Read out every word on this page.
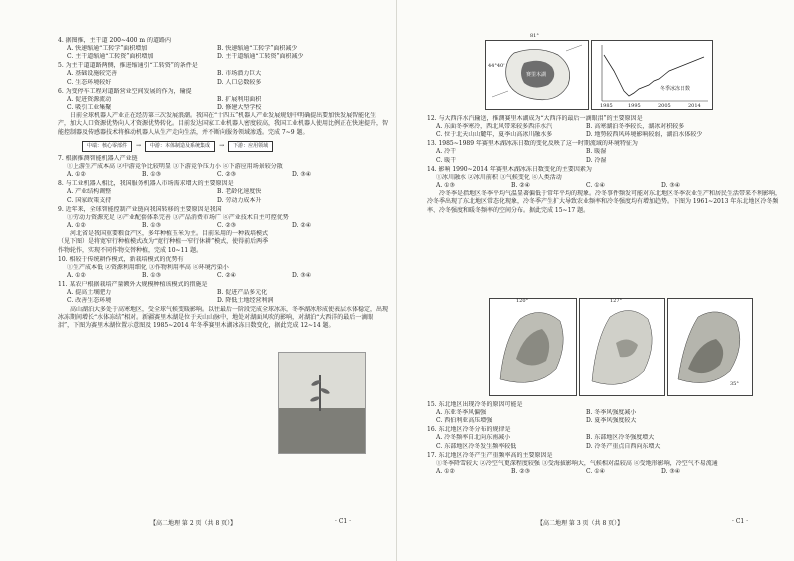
4. 据图推，主干道 200~400 m 的道路内

A. 快递缩通“工转学”面积增加	B. 快递缩通“工转学”面积减少

C. 主干道缩通“工转资”面积增加	D. 主干道缩通“工转资”面积减少

5. 为主干道道路两侧，推进缩通引“工转资”的条件是

A. 基础设施较完善	B. 市场潜力巨大

C. 生态环境较好	D. 人口总数较多

6. 为变停车工程对道路营业空间发展的作为，输提

A. 促进资源流动	B. 扩展利用面积

C. 吸引工业集聚	D. 修建大型学校

日前全球机器人产业正在经历第三次发展浪潮。我国在“十四五”机器人产业发展规划中明确提出要加快发展智能化生产，加大人口资源优势向人才资源优势转化。目前发达国家工业机器人密度较高，我国工业机器人使用比例正在快速提升，智能控制器及传感器技术将推动机器人从生产走向生活，并不断向服务领域渗透。完成 7~9 题。

中端：核心零部件	→	中游：本体制造及系统集成	→	下游：应用领域

7. 根据推测智能机器人产业链

①上游生产成本高 ②中游竞争比较明显 ③下游竞争压力小 ④下游应用场景较分散

A. ①②	B. ①③	C. ②③	D. ③④

8. 与工业机器人相比，我国服务机器人市场需求增大的主要原因是

A. 产业结构调整	B. 老龄化速度快

C. 国家政策支持	D. 劳动力成本升

9. 近年来，全球智能控制产业链向我国转移的主要原因是我国

①劳动力资源充足 ②产业配套体系完善 ③产品消费市场广 ④产业技术自主可控优势

A. ①②	B. ①③	C. ②③	D. ②④

河北省是我国重要粮食产区，多年种植玉米为主。目前采用的一种栽培模式（见下图）是将宽窄行种植模式改为“宽行种植一窄行休耕”模式，使得前后两季作物轮作，实现不同作物交替种植，完成 10~11 题。

10. 相较于传统耕作模式，新栽培模式的优势有

①生产成本低 ②资源利用细化 ③作物利用率高 ④环境污染小

A. ①②	B. ①③	C. ②④	D. ③④

11. 某农户根据栽培产量额外大规模种植该模式的措施是

A. 提高土壤肥力	B. 促进产品多元化

C. 改善生态环境	D. 降低土地经营利润

高山湖泊大多处于高寒地区，受全球气候变暖影响。以往最后一阶段完成全球冰冻，冬季湖冰形成使表层水体稳定，出现冰冻期间增长“水体冻结”相对。新疆赛里木湖是位于天山山脉中，地处对湖面风吹的影响，对湖泊“大西洋的最后一滴眼泪”，下图为赛里木湖位置示意图及 1985~2014 年冬季赛里木湖冰冻日数变化，据此完成 12~14 题。

【高二地理 第 2 页（共 8 页）】	· C1 ·
44°40'
81°
赛里木湖
1985	1995	2005	2014
冬季冰冻日数

12. 与大西洋水汽输送，推测赛里木湖成为“大西洋的最后一滴眼泪”的主要原因是

A. 东面冬季寒冷，西北风带来较多西洋水汽	B. 高寒湖泊冬季较长，湖冰对积较多

C. 位于北天山山麓年，夏季山高冰川融水多	D. 地势较西风环境影响较弱，湖泊水体较少

13. 1985~1989 年赛里木湖冰冻日数的变化反映了这一时期流域的环境特征为

A. 冷干	B. 暖湿

C. 暖干	D. 冷湿

14. 影响 1990~2014 年赛里木湖冰冻日数变化的主要因素为

①冰川融水 ②冰川前积 ③气候变化 ④人类活动

A. ①③	B. ②④	C. ①④	D. ③④

冷冬季是指地区冬季平均气温显著偏低于常年平均的现象。冷冬事件频发可能对东北地区冬季农业生产和居民生活带来不利影响，冷冬季出现了东北地区常态化现象，冷冬季产生扩大导致农业频率和冷冬强度均有增加趋势。下图为 1961~2013 年东北地区冷冬频率、冷冬强度和暖冬频率的空间分布。据此完成 15~17 题。

120°	127°
35°

15. 东北地区出现冷冬的原因可能是

A. 东亚冬季风偏强	B. 冬季风强度减小

C. 西伯利亚高压增强	D. 夏季风强度较大

16. 东北地区冷冬分布的规律是

A. 冷冬频率自北向东南减小	B. 东部地区冷冬强度增大

C. 东部地区冷冬发生频率较低	D. 冷冬产重点自西向东增大

17. 东北地区冷冬产生产重频率高的主要原因是

①冬季降雪较大 ②冷空气更深程度较强 ③受海拔影响大，气候相对温较高 ④受地形影响，冷空气不易流通

A. ①②	B. ②③	C. ①④	D. ③④

【高二地理 第 3 页（共 8 页）】	· C1 ·
